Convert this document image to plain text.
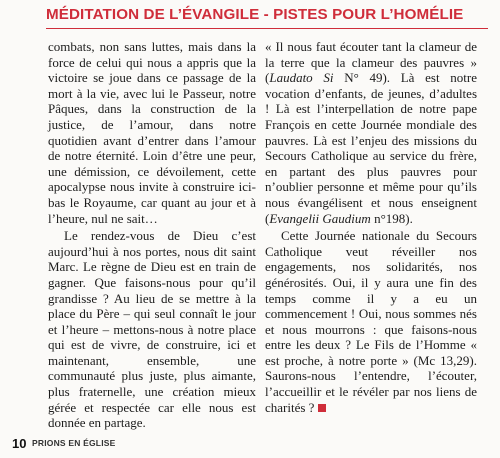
MÉDITATION DE L’ÉVANGILE - PISTES POUR L’HOMÉLIE

combats, non sans luttes, mais dans la force de celui qui nous a appris que la victoire se joue dans ce passage de la mort à la vie, avec lui le Passeur, notre Pâques, dans la construction de la justice, de l’amour, dans notre quotidien avant d’entrer dans l’amour de notre éternité. Loin d’être une peur, une démission, ce dévoilement, cette apocalypse nous invite à construire ici-bas le Royaume, car quant au jour et à l’heure, nul ne sait…

Le rendez-vous de Dieu c’est aujourd’hui à nos portes, nous dit saint Marc. Le règne de Dieu est en train de gagner. Que faisons-nous pour qu’il grandisse ? Au lieu de se mettre à la place du Père – qui seul connaît le jour et l’heure – mettons-nous à notre place qui est de vivre, de construire, ici et maintenant, ensemble, une communauté plus juste, plus aimante, plus fraternelle, une création mieux gérée et respectée car elle nous est donnée en partage.

« Il nous faut écouter tant la clameur de la terre que la clameur des pauvres » (Laudato Si N° 49). Là est notre vocation d’enfants, de jeunes, d’adultes ! Là est l’interpellation de notre pape François en cette Journée mondiale des pauvres. Là est l’enjeu des missions du Secours Catholique au service du frère, en partant des plus pauvres pour n’oublier personne et même pour qu’ils nous évangélisent et nous enseignent (Evangelii Gaudium n°198).

Cette Journée nationale du Secours Catholique veut réveiller nos engagements, nos solidarités, nos générosités. Oui, il y aura une fin des temps comme il y a eu un commencement ! Oui, nous sommes nés et nous mourrons : que faisons-nous entre les deux ? Le Fils de l’Homme « est proche, à notre porte » (Mc 13,29). Saurons-nous l’entendre, l’écouter, l’accueillir et le révéler par nos liens de charités ?

10 PRIONS EN ÉGLISE
